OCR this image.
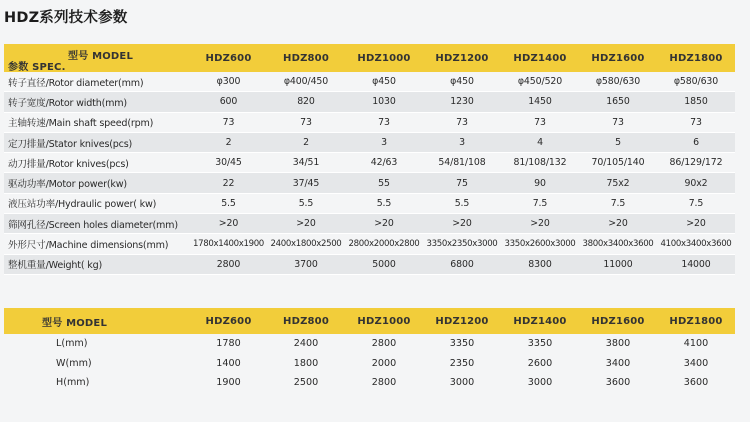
HDZ系列技术参数
型号 MODEL
参数 SPEC.	HDZ600	HDZ800	HDZ1000	HDZ1200	HDZ1400	HDZ1600	HDZ1800
转子直径/Rotor diameter(mm)	φ300	φ400/450	φ450	φ450	φ450/520	φ580/630	φ580/630
转子宽度/Rotor width(mm)	600	820	1030	1230	1450	1650	1850
主轴转速/Main shaft speed(rpm)	73	73	73	73	73	73	73
定刀排量/Stator knives(pcs)	2	2	3	3	4	5	6
动刀排量/Rotor knives(pcs)	30/45	34/51	42/63	54/81/108	81/108/132	70/105/140	86/129/172
驱动功率/Motor power(kw)	22	37/45	55	75	90	75x2	90x2
液压站功率/Hydraulic power( kw)	5.5	5.5	5.5	5.5	7.5	7.5	7.5
筛网孔径/Screen holes diameter(mm)	>20	>20	>20	>20	>20	>20	>20
外形尺寸/Machine dimensions(mm)	1780x1400x1900	2400x1800x2500	2800x2000x2800	3350x2350x3000	3350x2600x3000	3800x3400x3600	4100x3400x3600
整机重量/Weight( kg)	2800	3700	5000	6800	8300	11000	14000
型号 MODEL	HDZ600	HDZ800	HDZ1000	HDZ1200	HDZ1400	HDZ1600	HDZ1800
L(mm)	1780	2400	2800	3350	3350	3800	4100
W(mm)	1400	1800	2000	2350	2600	3400	3400
H(mm)	1900	2500	2800	3000	3000	3600	3600
